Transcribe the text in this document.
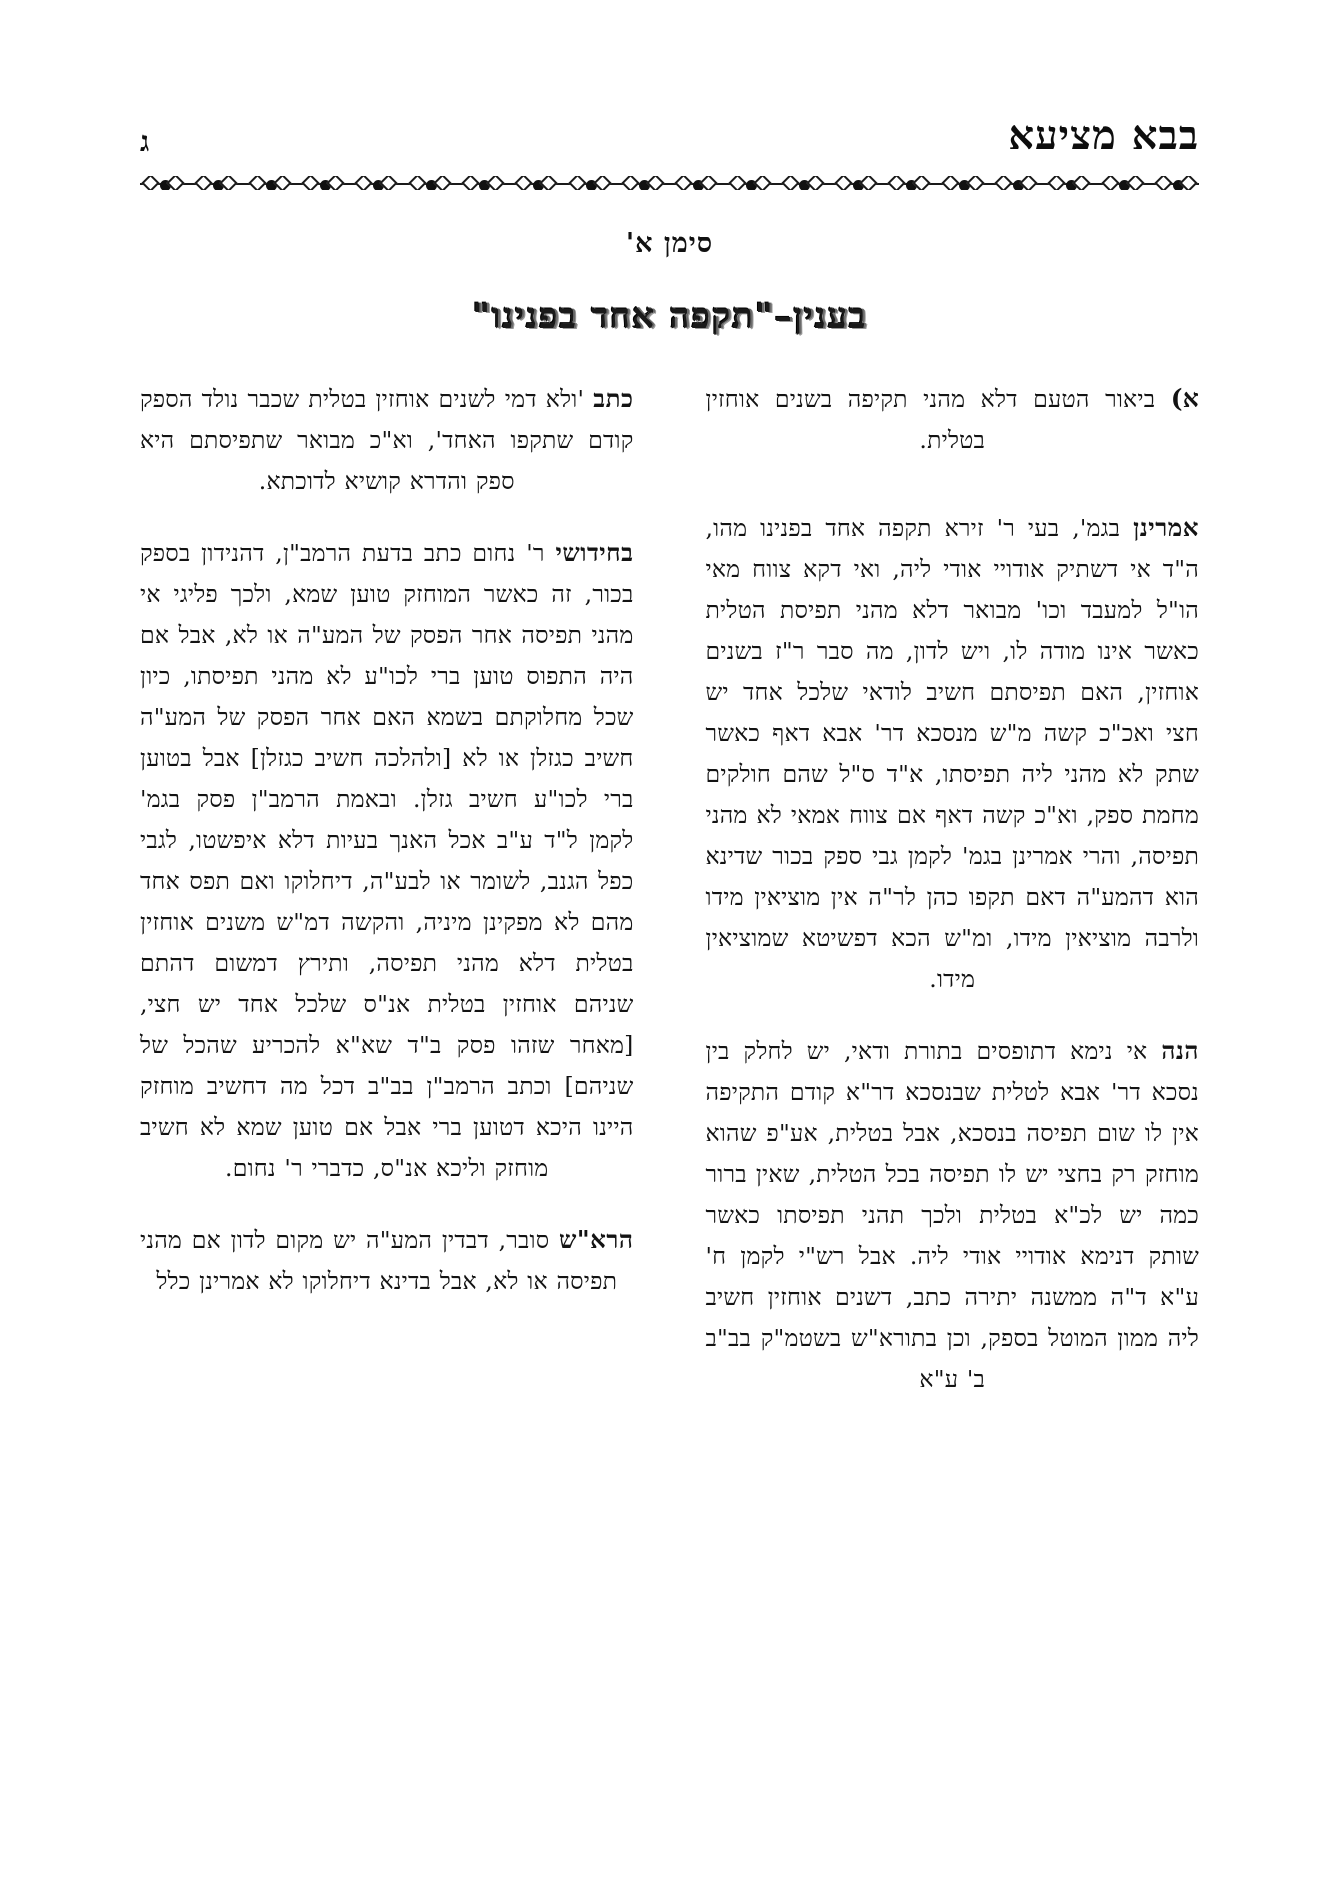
בבא מציעא
ג
סימן א'
בענין–"תקפה אחד בפנינו"

א) ביאור הטעם דלא מהני תקיפה בשנים אוחזין בטלית.

אמרינן בגמ', בעי ר' זירא תקפה אחד בפנינו מהו, ה"ד אי דשתיק אודויי אודי ליה, ואי דקא צווח מאי הו"ל למעבד וכו' מבואר דלא מהני תפיסת הטלית כאשר אינו מודה לו, ויש לדון, מה סבר ר"ז בשנים אוחזין, האם תפיסתם חשיב לודאי שלכל אחד יש חצי ואכ"כ קשה מ"ש מנסכא דר' אבא דאף כאשר שתק לא מהני ליה תפיסתו, א"ד ס"ל שהם חולקים מחמת ספק, וא"כ קשה דאף אם צווח אמאי לא מהני תפיסה, והרי אמרינן בגמ' לקמן גבי ספק בכור שדינא הוא דהמע"ה דאם תקפו כהן לר"ה אין מוציאין מידו ולרבה מוציאין מידו, ומ"ש הכא דפשיטא שמוציאין מידו.

הנה אי נימא דתופסים בתורת ודאי, יש לחלק בין נסכא דר' אבא לטלית שבנסכא דר"א קודם התקיפה אין לו שום תפיסה בנסכא, אבל בטלית, אע"פ שהוא מוחזק רק בחצי יש לו תפיסה בכל הטלית, שאין ברור כמה יש לכ"א בטלית ולכך תהני תפיסתו כאשר שותק דנימא אודויי אודי ליה. אבל רש"י לקמן ח' ע"א ד"ה ממשנה יתירה כתב, דשנים אוחזין חשיב ליה ממון המוטל בספק, וכן בתורא"ש בשטמ"ק בב"ב ב' ע"א

כתב 'ולא דמי לשנים אוחזין בטלית שכבר נולד הספק קודם שתקפו האחד', וא"כ מבואר שתפיסתם היא ספק והדרא קושיא לדוכתא.

בחידושי ר' נחום כתב בדעת הרמב"ן, דהנידון בספק בכור, זה כאשר המוחזק טוען שמא, ולכך פליגי אי מהני תפיסה אחר הפסק של המע"ה או לא, אבל אם היה התפוס טוען ברי לכו"ע לא מהני תפיסתו, כיון שכל מחלוקתם בשמא האם אחר הפסק של המע"ה חשיב כגזלן או לא [ולהלכה חשיב כגזלן] אבל בטוען ברי לכו"ע חשיב גזלן. ובאמת הרמב"ן פסק בגמ' לקמן ל"ד ע"ב אכל האנך בעיות דלא איפשטו, לגבי כפל הגנב, לשומר או לבע"ה, דיחלוקו ואם תפס אחד מהם לא מפקינן מיניה, והקשה דמ"ש משנים אוחזין בטלית דלא מהני תפיסה, ותירץ דמשום דהתם שניהם אוחזין בטלית אנ"ס שלכל אחד יש חצי, [מאחר שזהו פסק ב"ד שא"א להכריע שהכל של שניהם] וכתב הרמב"ן בב"ב דכל מה דחשיב מוחזק היינו היכא דטוען ברי אבל אם טוען שמא לא חשיב מוחזק וליכא אנ"ס, כדברי ר' נחום.

הרא"ש סובר, דבדין המע"ה יש מקום לדון אם מהני תפיסה או לא, אבל בדינא דיחלוקו לא אמרינן כלל
